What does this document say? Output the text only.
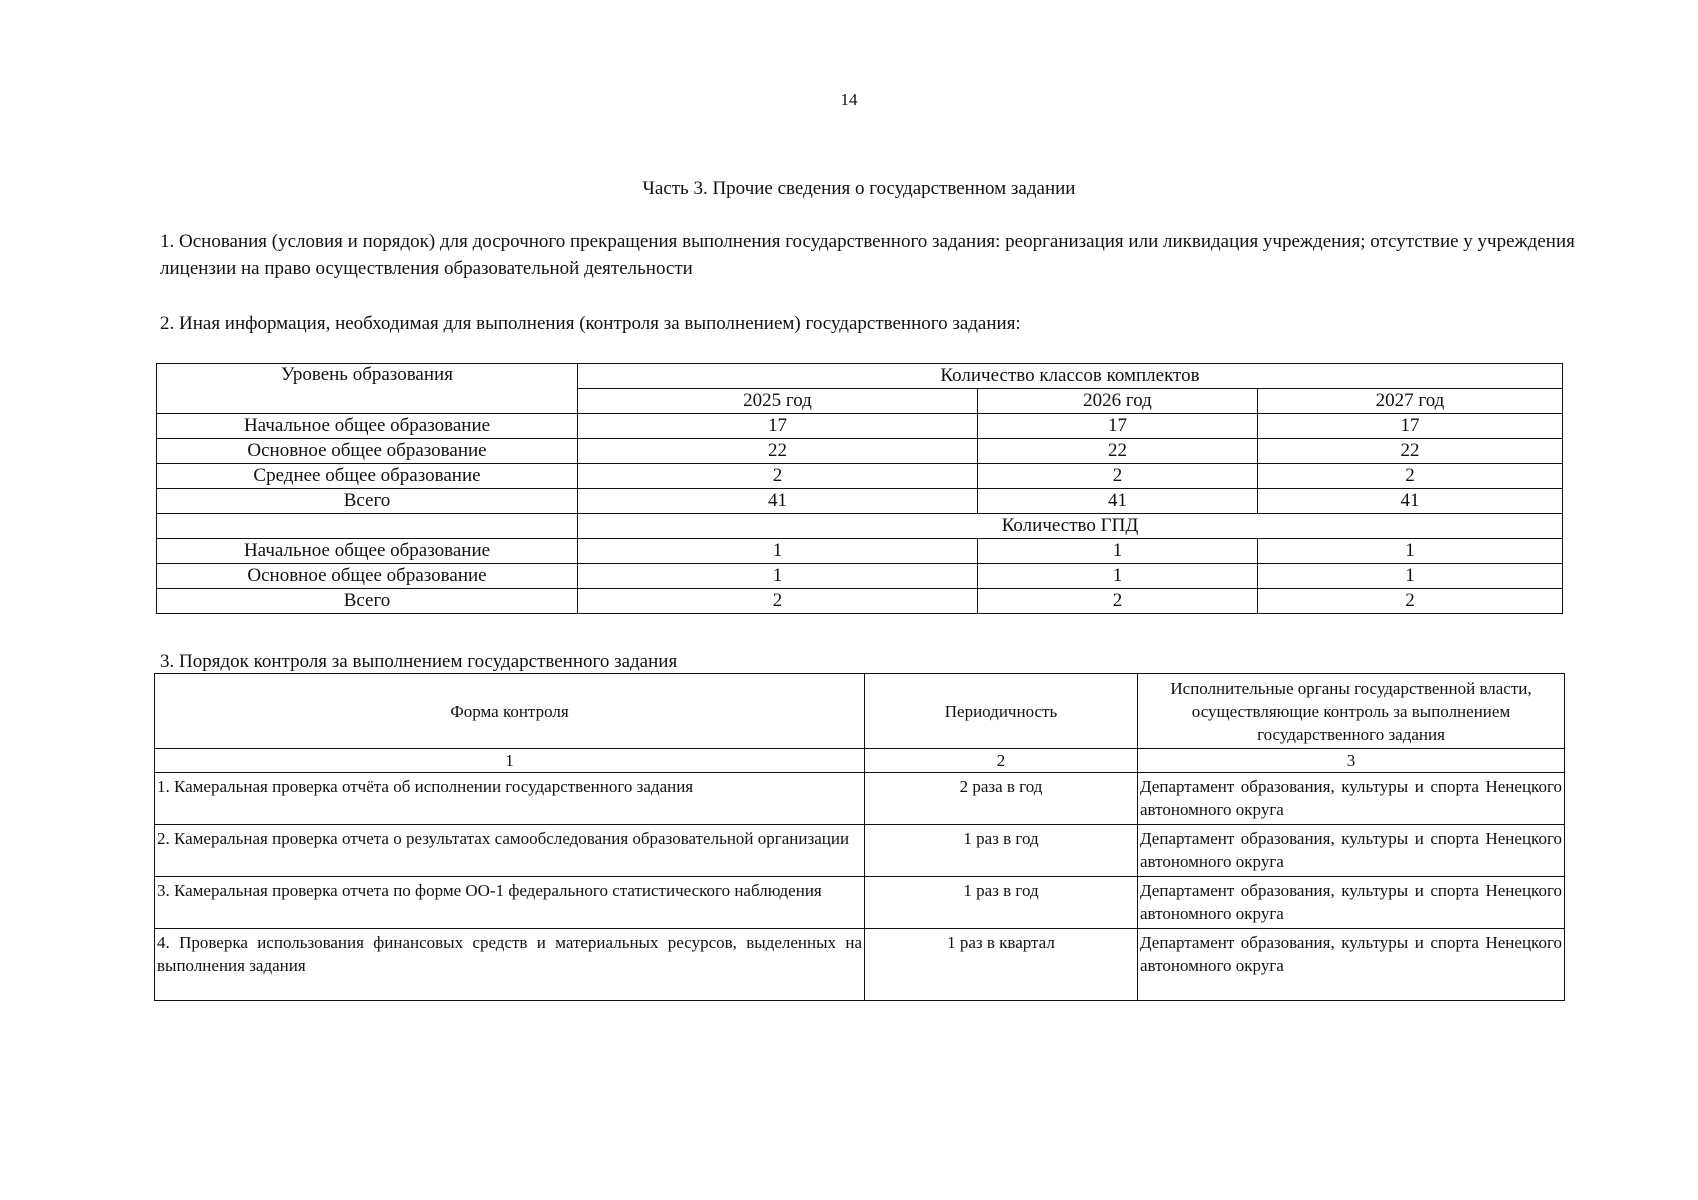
14
Часть 3. Прочие сведения о государственном задании
1. Основания (условия и порядок) для досрочного прекращения выполнения государственного задания: реорганизация или ликвидация учреждения; отсутствие у учреждения лицензии на право осуществления образовательной деятельности
2. Иная информация, необходимая для выполнения (контроля за выполнением) государственного задания:
Уровень образования	Количество классов комплектов		
	2025 год	2026 год	2027 год
Начальное общее образование	17	17	17
Основное общее образование	22	22	22
Среднее общее образование	2	2	2
Всего	41	41	41
	Количество ГПД		
Начальное общее образование	1	1	1
Основное общее образование	1	1	1
Всего	2	2	2
3. Порядок контроля за выполнением государственного задания
Форма контроля	Периодичность	Исполнительные органы государственной власти, осуществляющие контроль за выполнением государственного задания
1	2	3
1. Камеральная проверка отчёта об исполнении государственного задания	2 раза в год	Департамент образования, культуры и спорта Ненецкого автономного округа
2. Камеральная проверка отчета о результатах самообследования образовательной организации	1 раз в год	Департамент образования, культуры и спорта Ненецкого автономного округа
3. Камеральная проверка отчета по форме ОО-1 федерального статистического наблюдения	1 раз в год	Департамент образования, культуры и спорта Ненецкого автономного округа
4. Проверка использования финансовых средств и материальных ресурсов, выделенных на выполнения задания	1 раз в квартал	Департамент образования, культуры и спорта Ненецкого автономного округа
